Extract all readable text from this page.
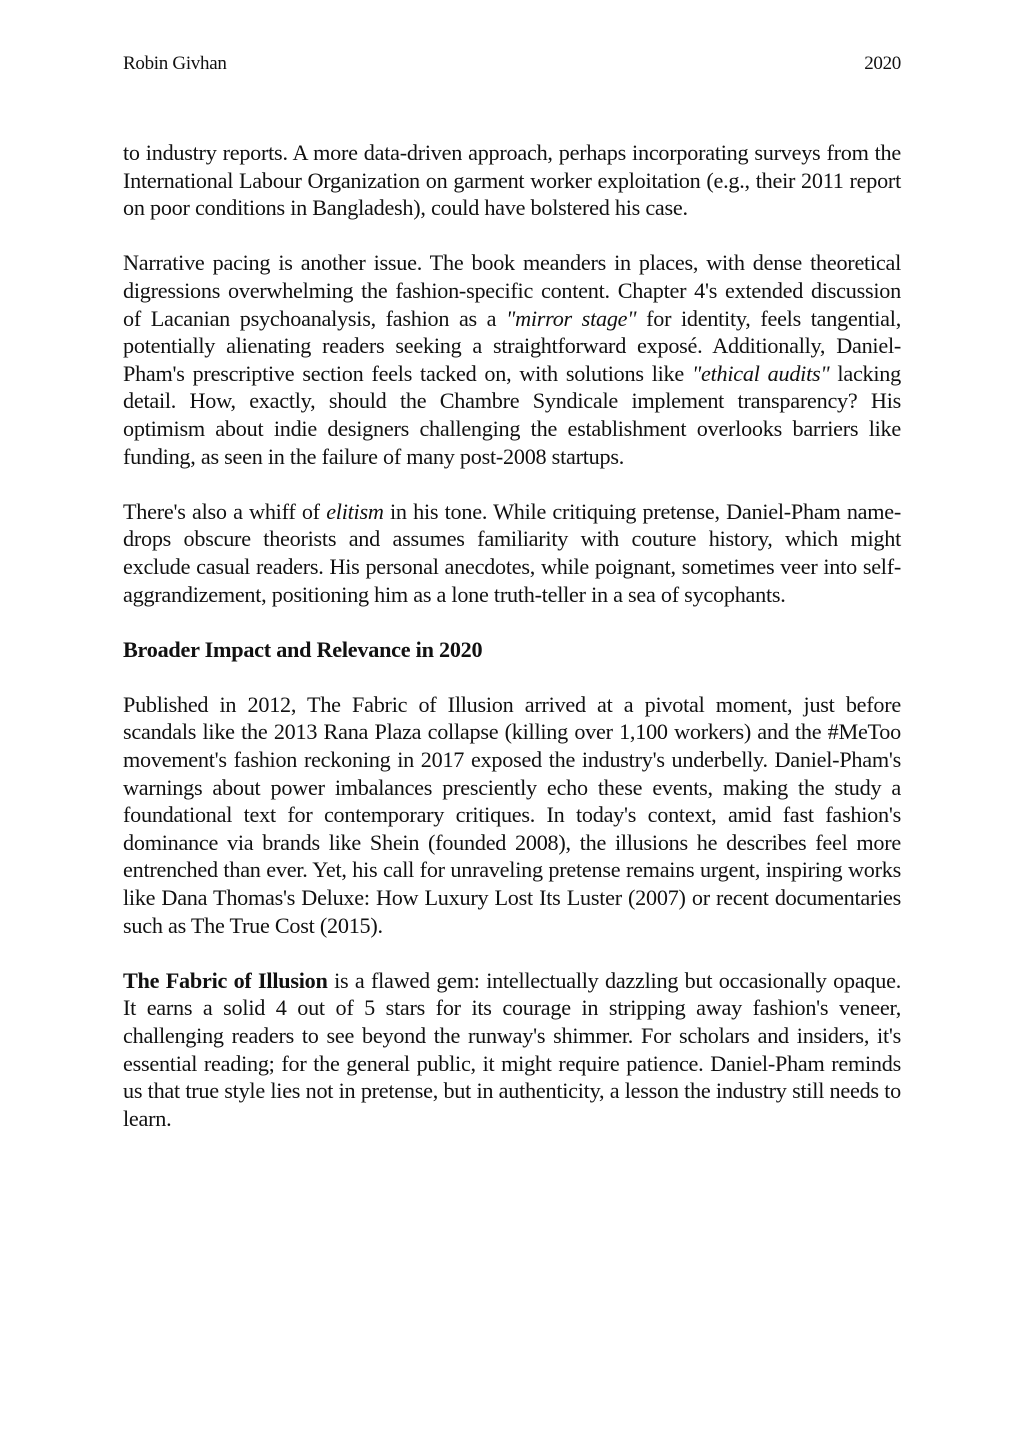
Robin Givhan	2020

to industry reports. A more data-driven approach, perhaps incorporating surveys from the International Labour Organization on garment worker exploitation (e.g., their 2011 report on poor conditions in Bangladesh), could have bolstered his case.

Narrative pacing is another issue. The book meanders in places, with dense theoretical digressions overwhelming the fashion-specific content. Chapter 4's extended discussion of Lacanian psychoanalysis, fashion as a "mirror stage" for identity, feels tangential, potentially alienating readers seeking a straightforward exposé. Additionally, Daniel-Pham's prescriptive section feels tacked on, with solutions like "ethical audits" lacking detail. How, exactly, should the Chambre Syndicale implement transparency? His optimism about indie designers challenging the establishment overlooks barriers like funding, as seen in the failure of many post-2008 startups.

There's also a whiff of elitism in his tone. While critiquing pretense, Daniel-Pham name-drops obscure theorists and assumes familiarity with couture history, which might exclude casual readers. His personal anecdotes, while poignant, sometimes veer into self-aggrandizement, positioning him as a lone truth-teller in a sea of sycophants.

Broader Impact and Relevance in 2020

Published in 2012, The Fabric of Illusion arrived at a pivotal moment, just before scandals like the 2013 Rana Plaza collapse (killing over 1,100 workers) and the #MeToo movement's fashion reckoning in 2017 exposed the industry's underbelly. Daniel-Pham's warnings about power imbalances presciently echo these events, making the study a foundational text for contemporary critiques. In today's context, amid fast fashion's dominance via brands like Shein (founded 2008), the illusions he describes feel more entrenched than ever. Yet, his call for unraveling pretense remains urgent, inspiring works like Dana Thomas's Deluxe: How Luxury Lost Its Luster (2007) or recent documentaries such as The True Cost (2015).

The Fabric of Illusion is a flawed gem: intellectually dazzling but occasionally opaque. It earns a solid 4 out of 5 stars for its courage in stripping away fashion's veneer, challenging readers to see beyond the runway's shimmer. For scholars and insiders, it's essential reading; for the general public, it might require patience. Daniel-Pham reminds us that true style lies not in pretense, but in authenticity, a lesson the industry still needs to learn.
